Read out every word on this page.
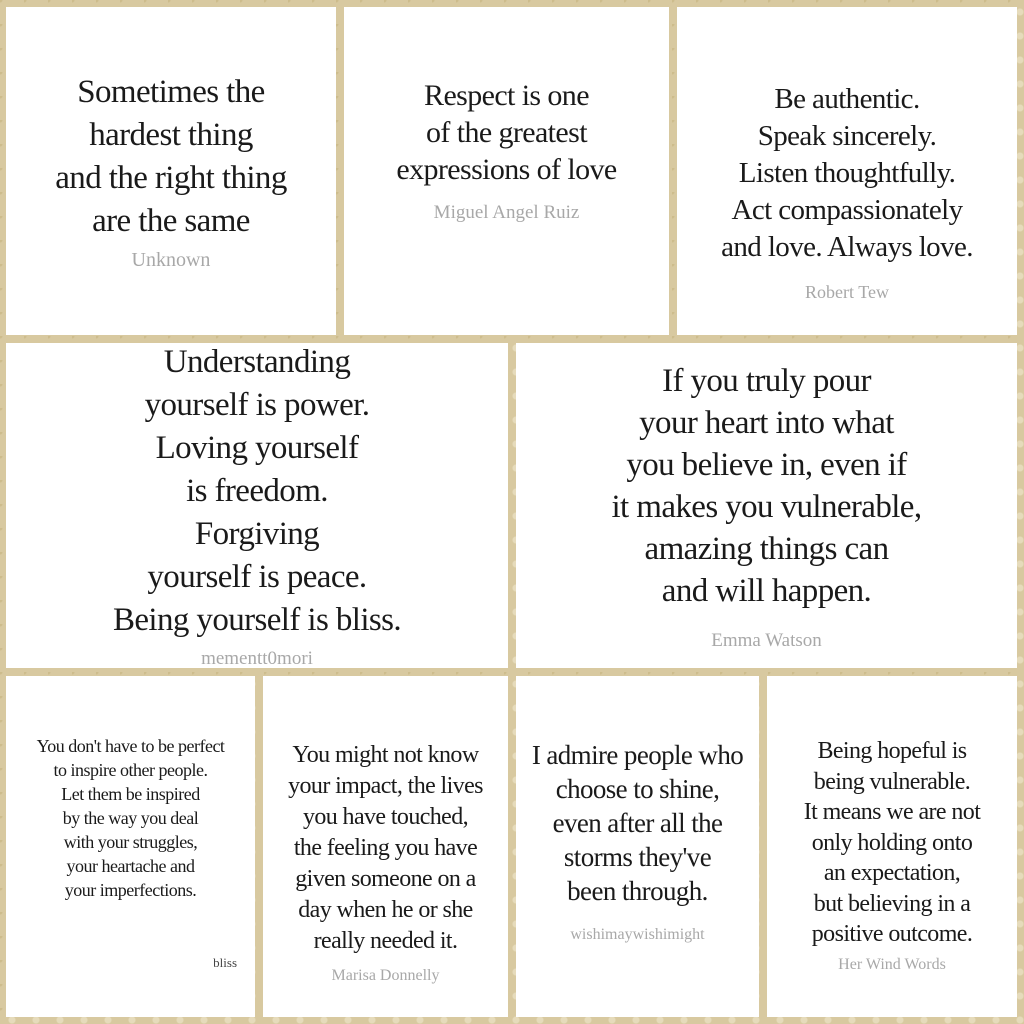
Sometimes the
hardest thing
and the right thing
are the same

Unknown

Respect is one
of the greatest
expressions of love

Miguel Angel Ruiz

Be authentic.
Speak sincerely.
Listen thoughtfully.
Act compassionately
and love. Always love.

Robert Tew

Understanding
yourself is power.
Loving yourself
is freedom.
Forgiving
yourself is peace.
Being yourself is bliss.

mementt0mori

If you truly pour
your heart into what
you believe in, even if
it makes you vulnerable,
amazing things can
and will happen.

Emma Watson

You don't have to be perfect
to inspire other people.
Let them be inspired
by the way you deal
with your struggles,
your heartache and
your imperfections.

bliss

You might not know
your impact, the lives
you have touched,
the feeling you have
given someone on a
day when he or she
really needed it.

Marisa Donnelly

I admire people who
choose to shine,
even after all the
storms they've
been through.

wishimaywishimight

Being hopeful is
being vulnerable.
It means we are not
only holding onto
an expectation,
but believing in a
positive outcome.

Her Wind Words
